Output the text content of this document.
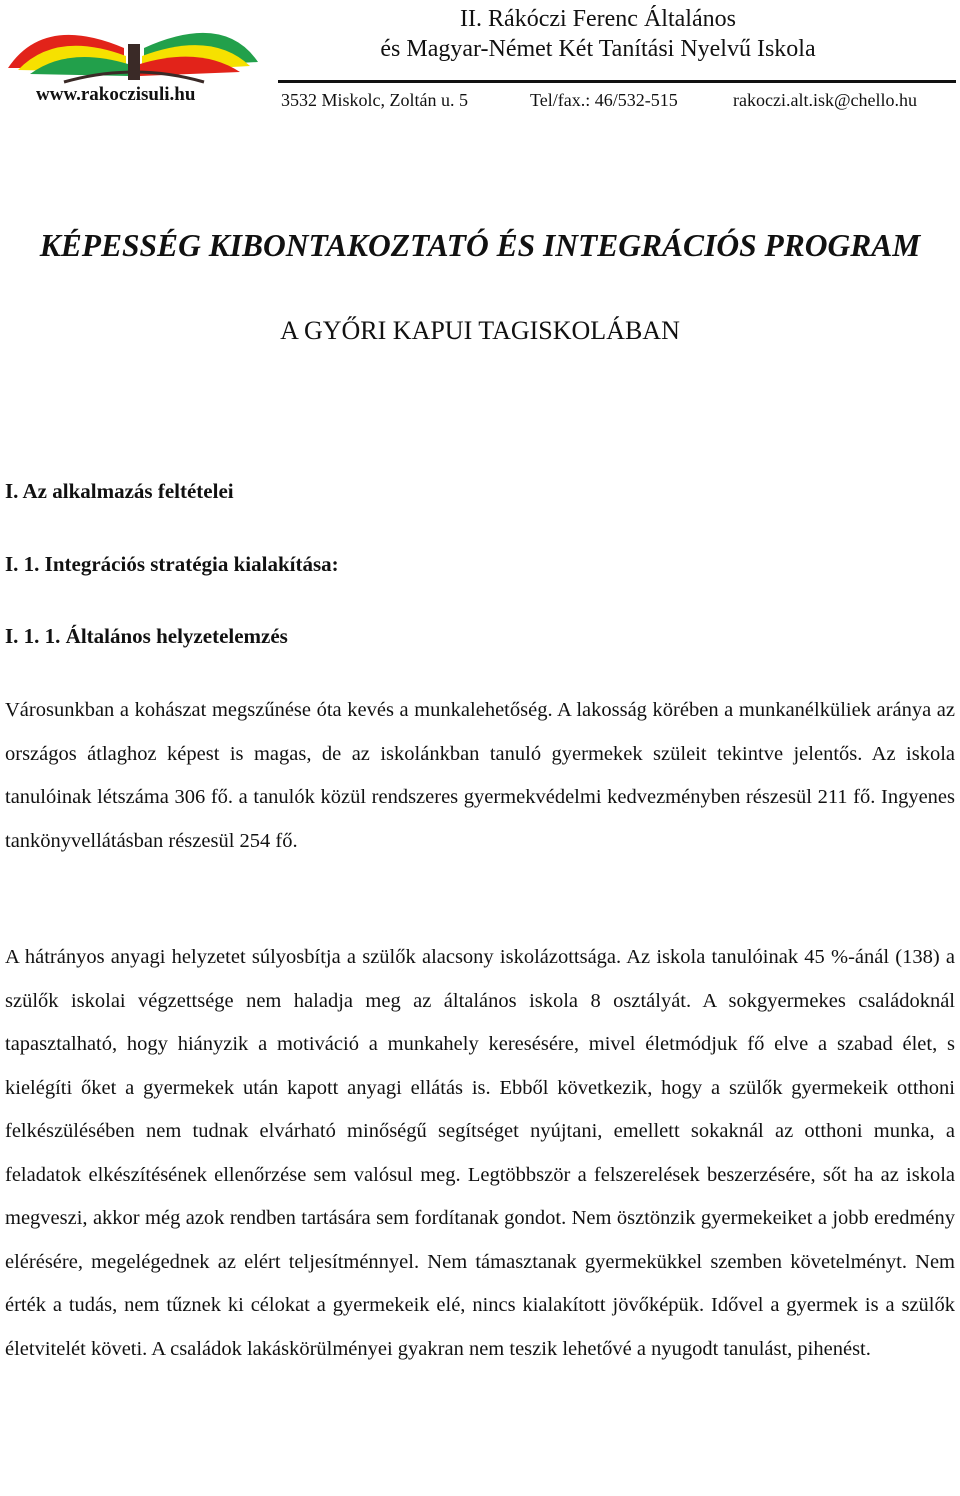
www.rakoczisuli.hu
II. Rákóczi Ferenc Általános
és Magyar-Német Két Tanítási Nyelvű Iskola
3532 Miskolc, Zoltán u. 5	Tel/fax.: 46/532-515	rakoczi.alt.isk@chello.hu
KÉPESSÉG KIBONTAKOZTATÓ ÉS INTEGRÁCIÓS PROGRAM
A GYŐRI KAPUI TAGISKOLÁBAN
I. Az alkalmazás feltételei
I. 1. Integrációs stratégia kialakítása:
I. 1. 1. Általános helyzetelemzés

Városunkban a kohászat megszűnése óta kevés a munkalehetőség. A lakosság körében a munkanélküliek aránya az országos átlaghoz képest is magas, de az iskolánkban tanuló gyermekek szüleit tekintve jelentős. Az iskola tanulóinak létszáma 306 fő. a tanulók közül rendszeres gyermekvédelmi kedvezményben részesül 211 fő. Ingyenes tankönyvellátásban részesül 254 fő.

A hátrányos anyagi helyzetet súlyosbítja a szülők alacsony iskolázottsága. Az iskola tanulóinak 45 %-ánál (138) a szülők iskolai végzettsége nem haladja meg az általános iskola 8 osztályát. A sokgyermekes családoknál tapasztalható, hogy hiányzik a motiváció a munkahely keresésére, mivel életmódjuk fő elve a szabad élet, s kielégíti őket a gyermekek után kapott anyagi ellátás is. Ebből következik, hogy a szülők gyermekeik otthoni felkészülésében nem tudnak elvárható minőségű segítséget nyújtani, emellett sokaknál az otthoni munka, a feladatok elkészítésének ellenőrzése sem valósul meg. Legtöbbször a felszerelések beszerzésére, sőt ha az iskola megveszi, akkor még azok rendben tartására sem fordítanak gondot. Nem ösztönzik gyermekeiket a jobb eredmény elérésére, megelégednek az elért teljesítménnyel. Nem támasztanak gyermekükkel szemben követelményt. Nem érték a tudás, nem tűznek ki célokat a gyermekeik elé, nincs kialakított jövőképük. Idővel a gyermek is a szülők életvitelét követi. A családok lakáskörülményei gyakran nem teszik lehetővé a nyugodt tanulást, pihenést.
